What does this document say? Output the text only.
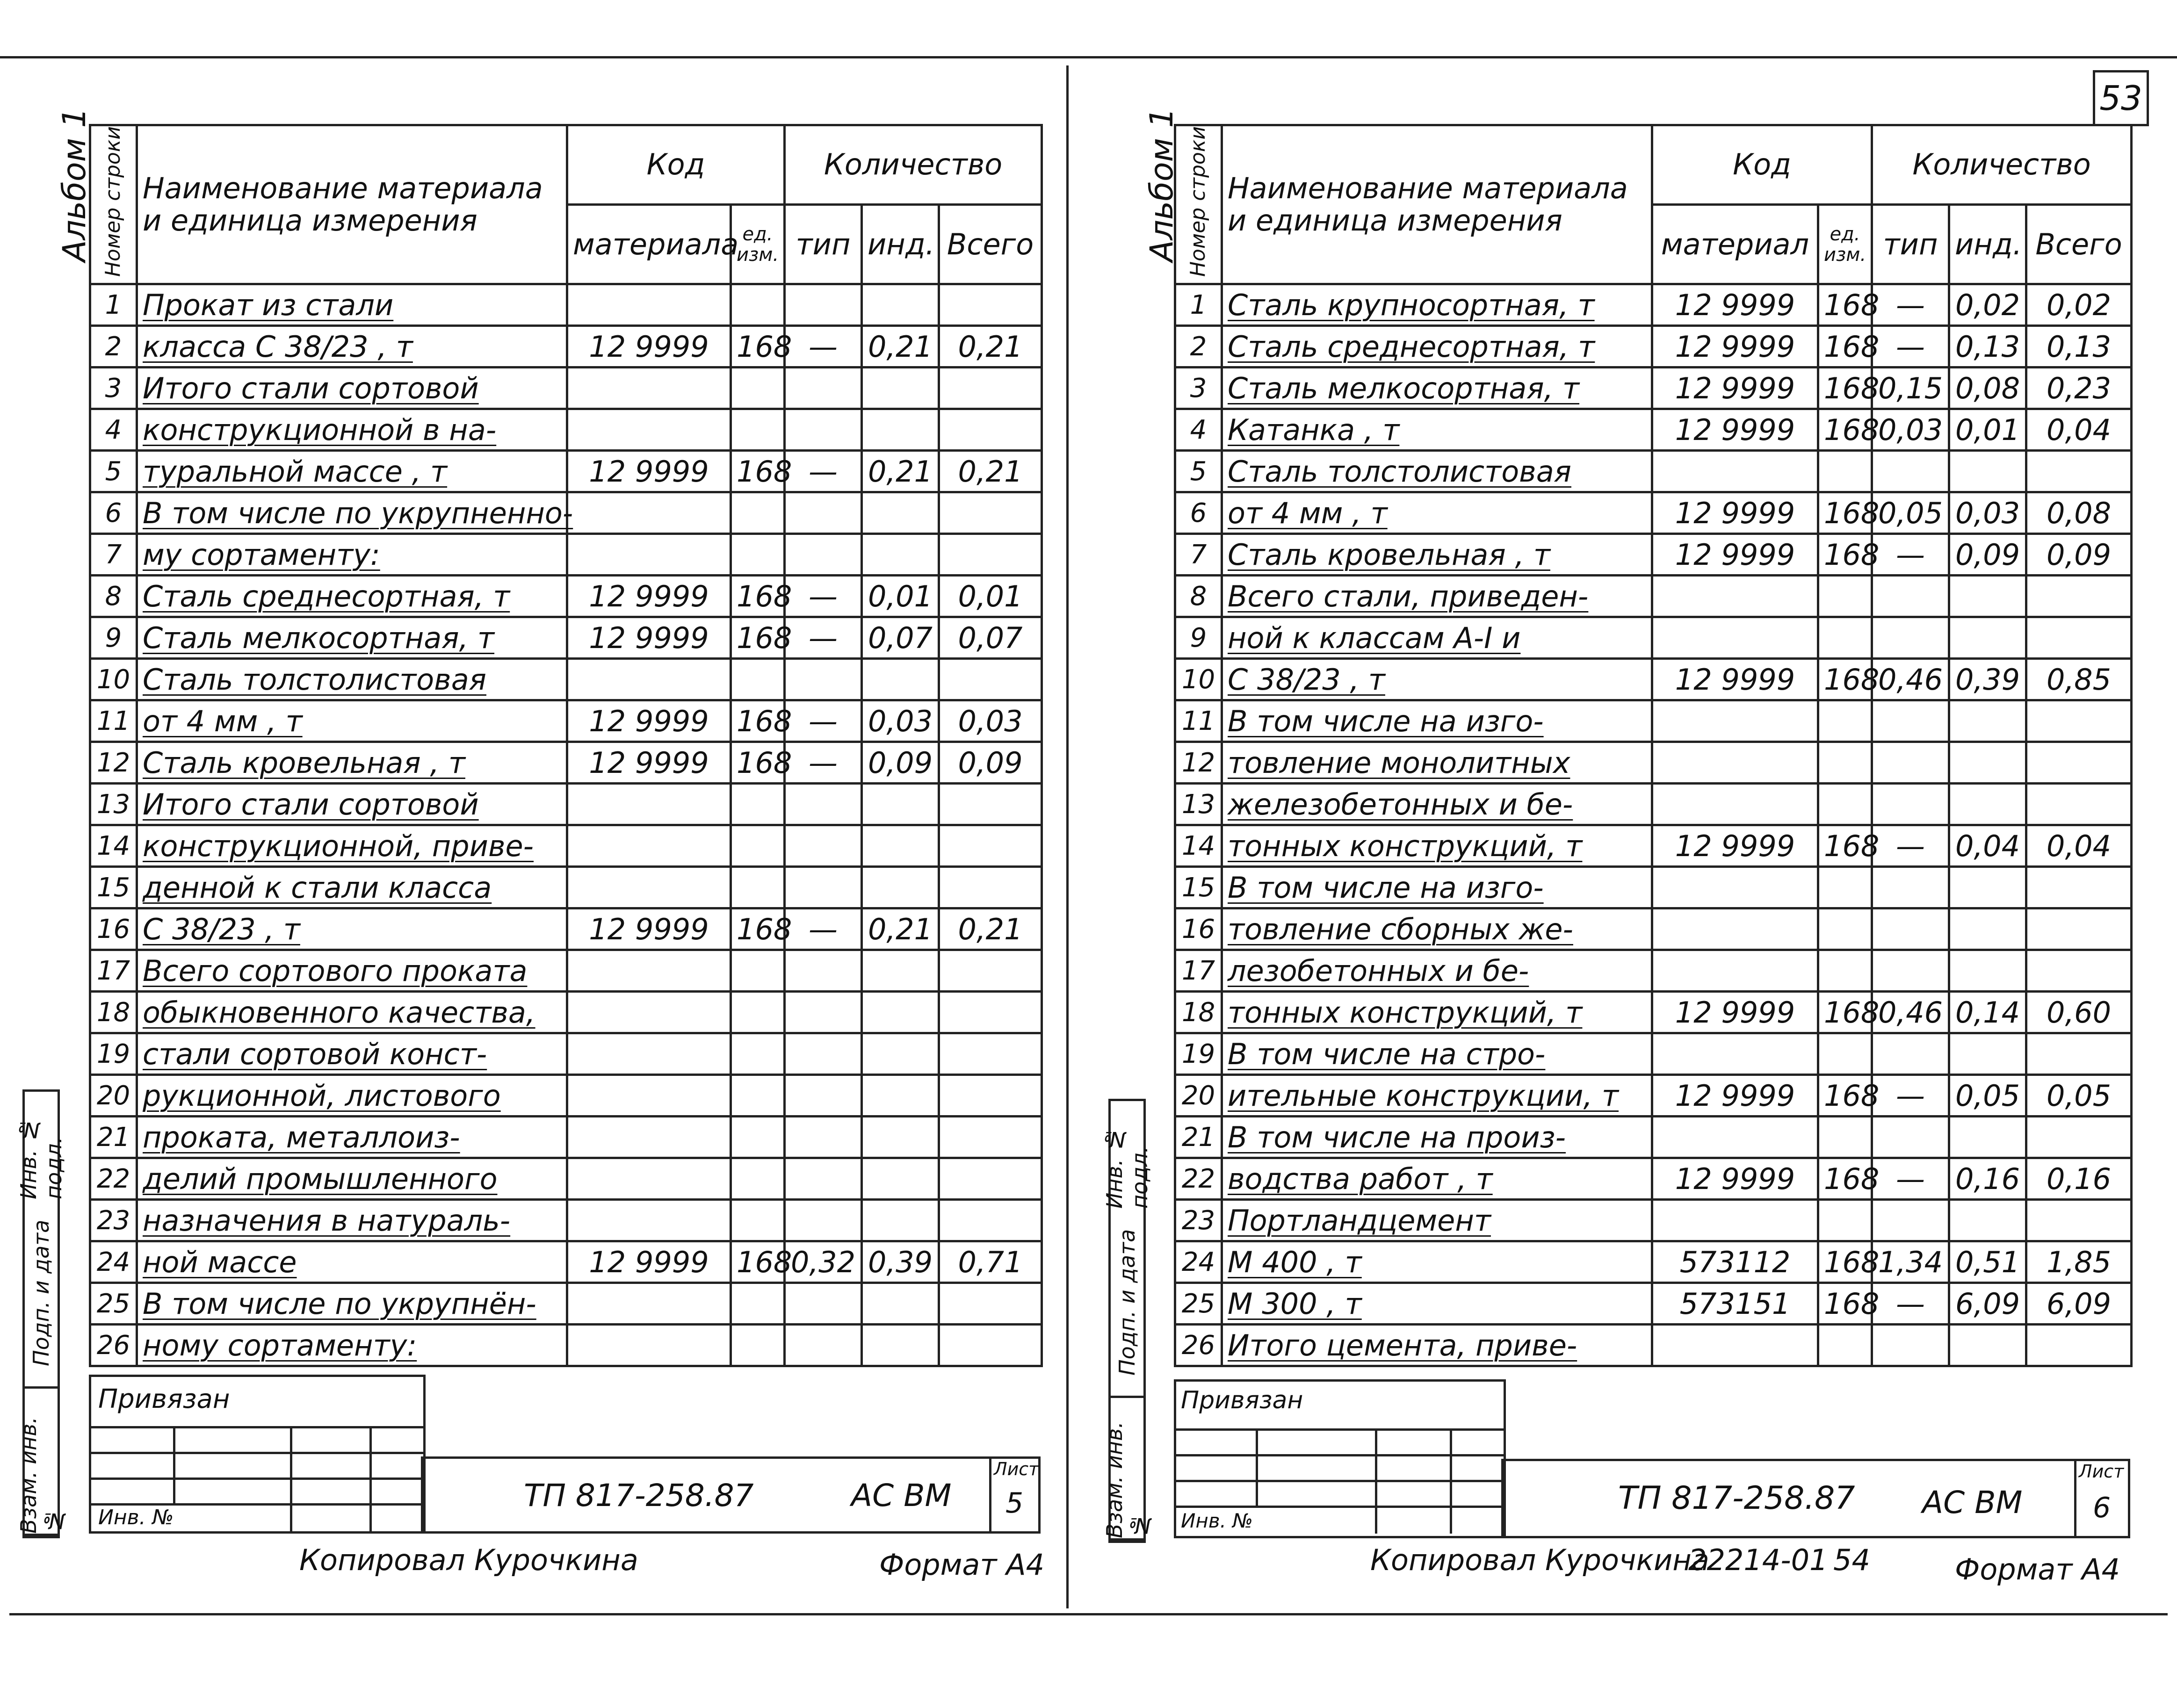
53
Альбом 1 Номер строки	Наименование материала и единица измерения	Код		Количество		
		материала	ед. изм.	тип	инд.	Всего
1	Прокат из стали					
2	класса С 38/23 , т	12 9999	168	—	0,21	0,21
3	Итого стали сортовой					
4	конструкционной в на-					
5	туральной массе , т	12 9999	168	—	0,21	0,21
6	В том числе по укрупненно-					
7	му сортаменту:					
8	Сталь среднесортная, т	12 9999	168	—	0,01	0,01
9	Сталь мелкосортная, т	12 9999	168	—	0,07	0,07
10	Сталь толстолистовая					
11	от 4 мм , т	12 9999	168	—	0,03	0,03
12	Сталь кровельная , т	12 9999	168	—	0,09	0,09
13	Итого стали сортовой					
14	конструкционной, приве-					
15	денной к стали класса					
16	С 38/23 , т	12 9999	168	—	0,21	0,21
17	Всего сортового проката					
18	обыкновенного качества,					
19	стали сортовой конст-					
20	рукционной, листового					
21	проката, металлоиз-					
22	делий промышленного					
23	назначения в натураль-					
24	ной массе	12 9999	168	0,32	0,39	0,71
25	В том числе по укрупнён-					
26	ному сортаменту:					
Инв. № подл.
Подп. и дата
Взам. инв. №
Привязан
Инв. №
ТП 817-258.87	АС ВМ
Лист
5
Копировал Курочкина	Формат А4
Альбом 1 Номер строки	Наименование материала и единица измерения	Код		Количество		
		материал	ед. изм.	тип	инд.	Всего
1	Сталь крупносортная, т	12 9999	168	—	0,02	0,02
2	Сталь среднесортная, т	12 9999	168	—	0,13	0,13
3	Сталь мелкосортная, т	12 9999	168	0,15	0,08	0,23
4	Катанка , т	12 9999	168	0,03	0,01	0,04
5	Сталь толстолистовая					
6	от 4 мм , т	12 9999	168	0,05	0,03	0,08
7	Сталь кровельная , т	12 9999	168	—	0,09	0,09
8	Всего стали, приведен-					
9	ной к классам А-I и					
10	С 38/23 , т	12 9999	168	0,46	0,39	0,85
11	В том числе на изго-					
12	товление монолитных					
13	железобетонных и бе-					
14	тонных конструкций, т	12 9999	168	—	0,04	0,04
15	В том числе на изго-					
16	товление сборных же-					
17	лезобетонных и бе-					
18	тонных конструкций, т	12 9999	168	0,46	0,14	0,60
19	В том числе на стро-					
20	ительные конструкции, т	12 9999	168	—	0,05	0,05
21	В том числе на произ-					
22	водства работ , т	12 9999	168	—	0,16	0,16
23	Портландцемент					
24	М 400 , т	573112	168	1,34	0,51	1,85
25	М 300 , т	573151	168	—	6,09	6,09
26	Итого цемента, приве-					
Инв. № подл.
Подп. и дата
Взам. инв. №
Привязан
Инв. №
ТП 817-258.87 АС ВМ
Лист
6
Копировал Курочкина
22214-01 54	Формат А4
